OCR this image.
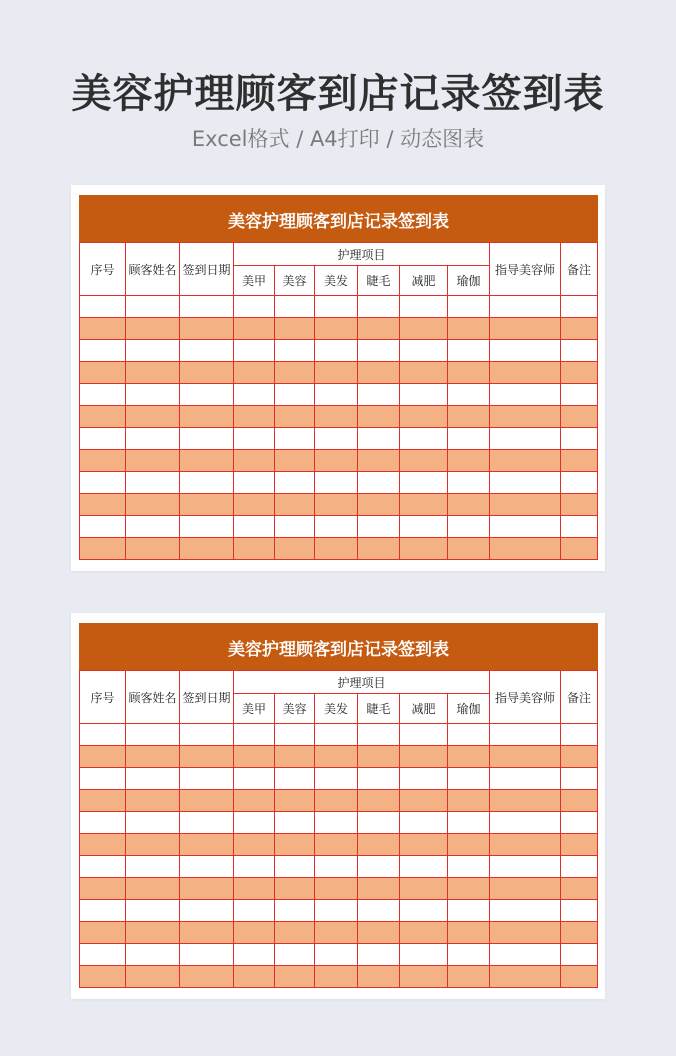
美容护理顾客到店记录签到表
Excel格式 / A4打印 / 动态图表
美容护理顾客到店记录签到表										
序号	顾客姓名	签到日期	护理项目						指导美容师	备注
			美甲	美容	美发	睫毛	减肥	瑜伽		

美容护理顾客到店记录签到表										
序号	顾客姓名	签到日期	护理项目						指导美容师	备注
			美甲	美容	美发	睫毛	减肥	瑜伽		
